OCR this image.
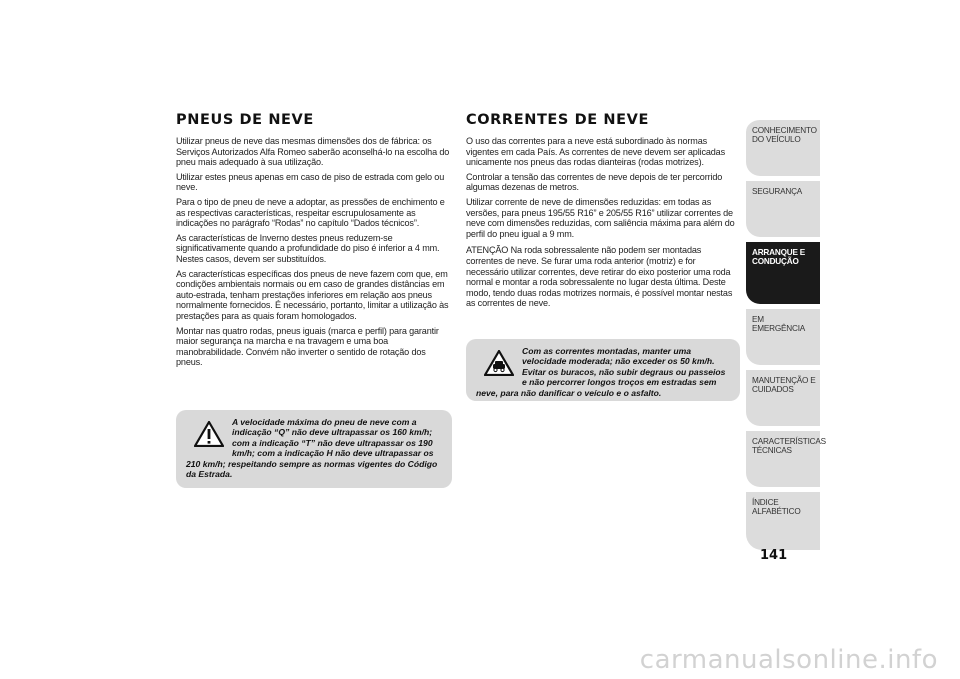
PNEUS DE NEVE

Utilizar pneus de neve das mesmas dimensões dos de fábrica: os Serviços Autorizados Alfa Romeo saberão aconselhá-lo na escolha do pneu mais adequado à sua utilização.

Utilizar estes pneus apenas em caso de piso de estrada com gelo ou neve.

Para o tipo de pneu de neve a adoptar, as pressões de enchimento e as respectivas características, respeitar escrupulosamente as indicações no parágrafo “Rodas” no capítulo “Dados técnicos”.

As características de Inverno destes pneus reduzem-se significativamente quando a profundidade do piso é inferior a 4 mm. Nestes casos, devem ser substituídos.

As características específicas dos pneus de neve fazem com que, em condições ambientais normais ou em caso de grandes distâncias em auto-estrada, tenham prestações inferiores em relação aos pneus normalmente fornecidos. É necessário, portanto, limitar a utilização às prestações para as quais foram homologados.

Montar nas quatro rodas, pneus iguais (marca e perfil) para garantir maior segurança na marcha e na travagem e uma boa manobrabilidade. Convém não inverter o sentido de rotação dos pneus.

A velocidade máxima do pneu de neve com a indicação “Q” não deve ultrapassar os 160 km/h; com a indicação “T” não deve ultrapassar os 190 km/h; com a indicação H não deve ultrapassar os 210 km/h; respeitando sempre as normas vigentes do Código da Estrada.
CORRENTES DE NEVE

O uso das correntes para a neve está subordinado às normas vigentes em cada País. As correntes de neve devem ser aplicadas unicamente nos pneus das rodas dianteiras (rodas motrizes).

Controlar a tensão das correntes de neve depois de ter percorrido algumas dezenas de metros.

Utilizar corrente de neve de dimensões reduzidas: em todas as versões, para pneus 195/55 R16” e 205/55 R16” utilizar correntes de neve com dimensões reduzidas, com saliência máxima para além do perfil do pneu igual a 9 mm.

ATENÇÃO Na roda sobressalente não podem ser montadas correntes de neve. Se furar uma roda anterior (motriz) e for necessário utilizar correntes, deve retirar do eixo posterior uma roda normal e montar a roda sobressalente no lugar desta última. Deste modo, tendo duas rodas motrizes normais, é possível montar nestas as correntes de neve.

Com as correntes montadas, manter uma velocidade moderada; não exceder os 50 km/h. Evitar os buracos, não subir degraus ou passeios e não percorrer longos troços em estradas sem neve, para não danificar o veículo e o asfalto.
CONHECIMENTO DO VEÍCULO
SEGURANÇA
ARRANQUE E CONDUÇÃO
EM EMERGÊNCIA
MANUTENÇÃO E CUIDADOS
CARACTERÍSTICAS TÉCNICAS
ÍNDICE ALFABÉTICO
141
carmanualsonline.info
